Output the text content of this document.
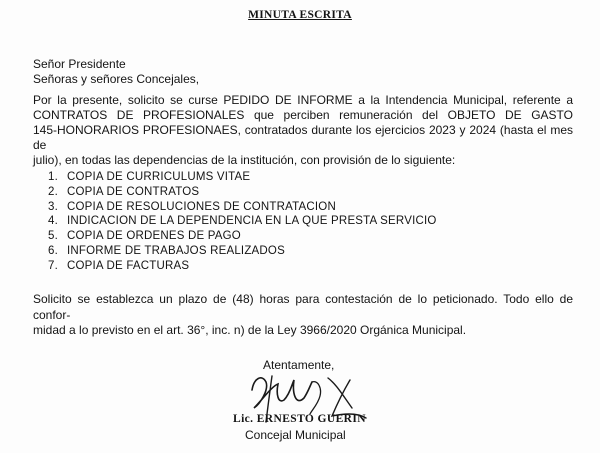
MINUTA ESCRITA
Señor Presidente
Señoras y señores Concejales,
Por la presente, solicito se curse PEDIDO DE INFORME a la Intendencia Municipal, referente a
CONTRATOS DE PROFESIONALES que perciben remuneración del OBJETO DE GASTO
145-HONORARIOS PROFESIONAES, contratados durante los ejercicios 2023 y 2024 (hasta el mes de
julio), en todas las dependencias de la institución, con provisión de lo siguiente:
1. COPIA DE CURRICULUMS VITAE
2. COPIA DE CONTRATOS
3. COPIA DE RESOLUCIONES DE CONTRATACION
4. INDICACION DE LA DEPENDENCIA EN LA QUE PRESTA SERVICIO
5. COPIA DE ORDENES DE PAGO
6. INFORME DE TRABAJOS REALIZADOS
7. COPIA DE FACTURAS
Solicito se establezca un plazo de (48) horas para contestación de lo peticionado. Todo ello de confor-
midad a lo previsto en el art. 36°, inc. n) de la Ley 3966/2020 Orgánica Municipal.
Atentamente,
Lic. ERNESTO GUERIN
Concejal Municipal
